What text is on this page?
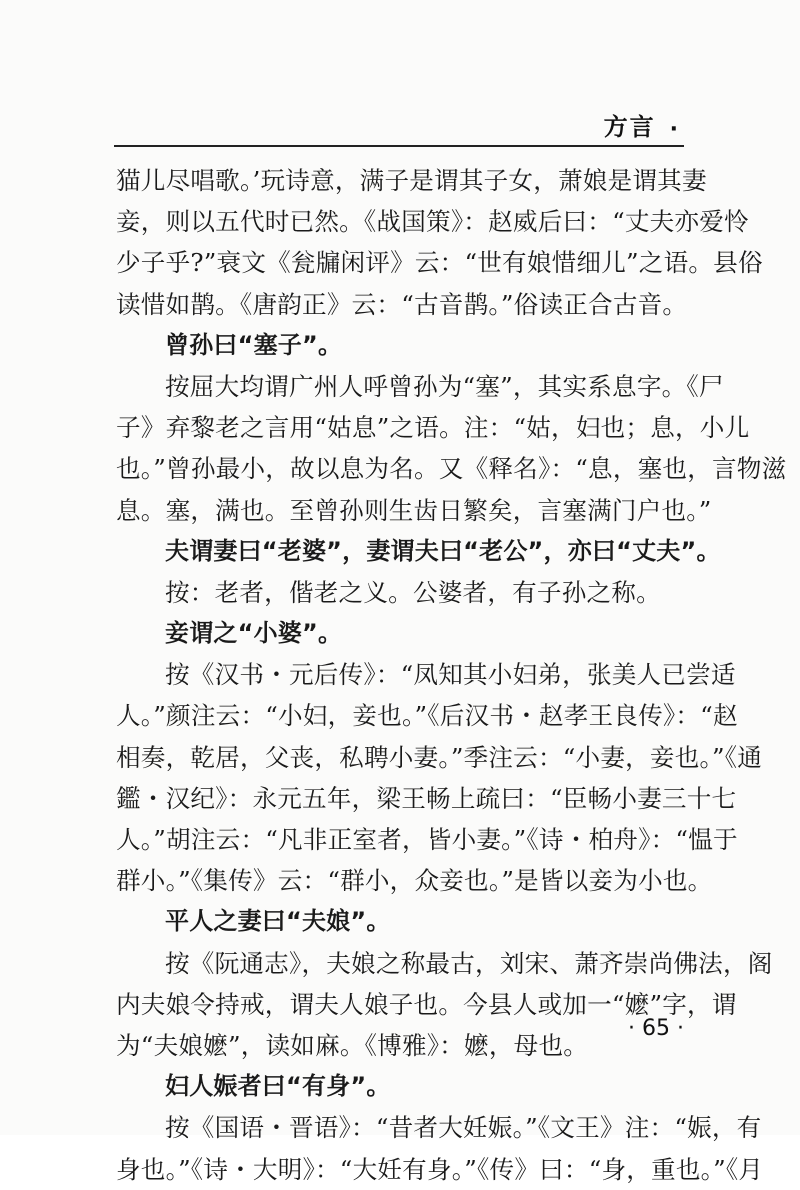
方言 ·
猫儿尽唱歌。’玩诗意，满子是谓其子女，萧娘是谓其妻
妾，则以五代时已然。《战国策》：赵威后曰：“丈夫亦爱怜
少子乎?”衰文《瓮牖闲评》云：“世有娘惜细儿”之语。县俗
读惜如鹊。《唐韵正》云：“古音鹊。”俗读正合古音。
曾孙曰“塞子”。
按屈大均谓广州人呼曾孙为“塞”，其实系息字。《尸
子》弃黎老之言用“姑息”之语。注：“姑，妇也；息，小儿
也。”曾孙最小，故以息为名。又《释名》：“息，塞也，言物滋
息。塞，满也。至曾孙则生齿日繁矣，言塞满门户也。”
夫谓妻曰“老婆”，妻谓夫曰“老公”，亦曰“丈夫”。
按：老者，偕老之义。公婆者，有子孙之称。
妾谓之“小婆”。
按《汉书・元后传》：“凤知其小妇弟，张美人已尝适
人。”颜注云：“小妇，妾也。”《后汉书・赵孝王良传》：“赵
相奏，乾居，父丧，私聘小妻。”季注云：“小妻，妾也。”《通
鑑・汉纪》：永元五年，梁王畅上疏曰：“臣畅小妻三十七
人。”胡注云：“凡非正室者，皆小妻。”《诗・柏舟》：“愠于
群小。”《集传》云：“群小，众妾也。”是皆以妾为小也。
平人之妻曰“夫娘”。
按《阮通志》，夫娘之称最古，刘宋、萧齐崇尚佛法，阁
内夫娘令持戒，谓夫人娘子也。今县人或加一“嬷”字，谓
为“夫娘嬷”，读如麻。《博雅》：嬷，母也。
妇人娠者曰“有身”。
按《国语・晋语》：“昔者大妊娠。”《文王》注：“娠，有
身也。”《诗・大明》：“大妊有身。”《传》曰：“身，重也。”《月
· 65 ·
